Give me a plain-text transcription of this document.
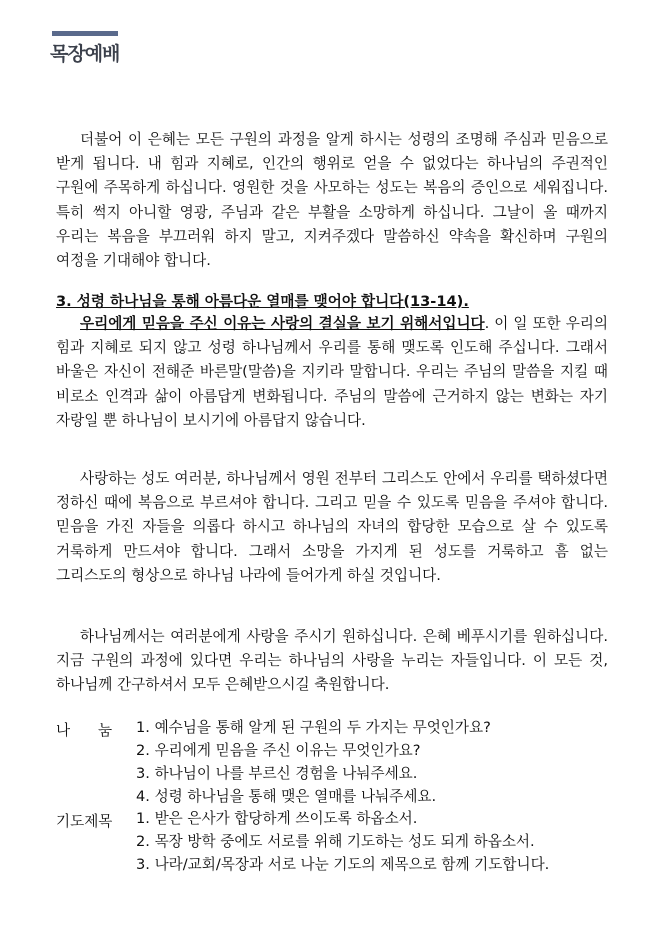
목장예배

더불어 이 은혜는 모든 구원의 과정을 알게 하시는 성령의 조명해 주심과 믿음으로 받게 됩니다. 내 힘과 지혜로, 인간의 행위로 얻을 수 없었다는 하나님의 주권적인 구원에 주목하게 하십니다. 영원한 것을 사모하는 성도는 복음의 증인으로 세워집니다. 특히 썩지 아니할 영광, 주님과 같은 부활을 소망하게 하십니다. 그날이 올 때까지 우리는 복음을 부끄러워 하지 말고, 지켜주겠다 말씀하신 약속을 확신하며 구원의 여정을 기대해야 합니다.

3. 성령 하나님을 통해 아름다운 열매를 맺어야 합니다(13-14).

우리에게 믿음을 주신 이유는 사랑의 결실을 보기 위해서입니다. 이 일 또한 우리의 힘과 지혜로 되지 않고 성령 하나님께서 우리를 통해 맺도록 인도해 주십니다. 그래서 바울은 자신이 전해준 바른말(말씀)을 지키라 말합니다. 우리는 주님의 말씀을 지킬 때 비로소 인격과 삶이 아름답게 변화됩니다. 주님의 말씀에 근거하지 않는 변화는 자기 자랑일 뿐 하나님이 보시기에 아름답지 않습니다.

사랑하는 성도 여러분, 하나님께서 영원 전부터 그리스도 안에서 우리를 택하셨다면 정하신 때에 복음으로 부르셔야 합니다. 그리고 믿을 수 있도록 믿음을 주셔야 합니다. 믿음을 가진 자들을 의롭다 하시고 하나님의 자녀의 합당한 모습으로 살 수 있도록 거룩하게 만드셔야 합니다. 그래서 소망을 가지게 된 성도를 거룩하고 흠 없는 그리스도의 형상으로 하나님 나라에 들어가게 하실 것입니다.

하나님께서는 여러분에게 사랑을 주시기 원하십니다. 은혜 베푸시기를 원하십니다. 지금 구원의 과정에 있다면 우리는 하나님의 사랑을 누리는 자들입니다. 이 모든 것, 하나님께 간구하셔서 모두 은혜받으시길 축원합니다.

나 눔 1. 예수님을 통해 알게 된 구원의 두 가지는 무엇인가요?
2. 우리에게 믿음을 주신 이유는 무엇인가요?
3. 하나님이 나를 부르신 경험을 나눠주세요.
4. 성령 하나님을 통해 맺은 열매를 나눠주세요.
기도제목 1. 받은 은사가 합당하게 쓰이도록 하옵소서.
2. 목장 방학 중에도 서로를 위해 기도하는 성도 되게 하옵소서.
3. 나라/교회/목장과 서로 나눈 기도의 제목으로 함께 기도합니다.
